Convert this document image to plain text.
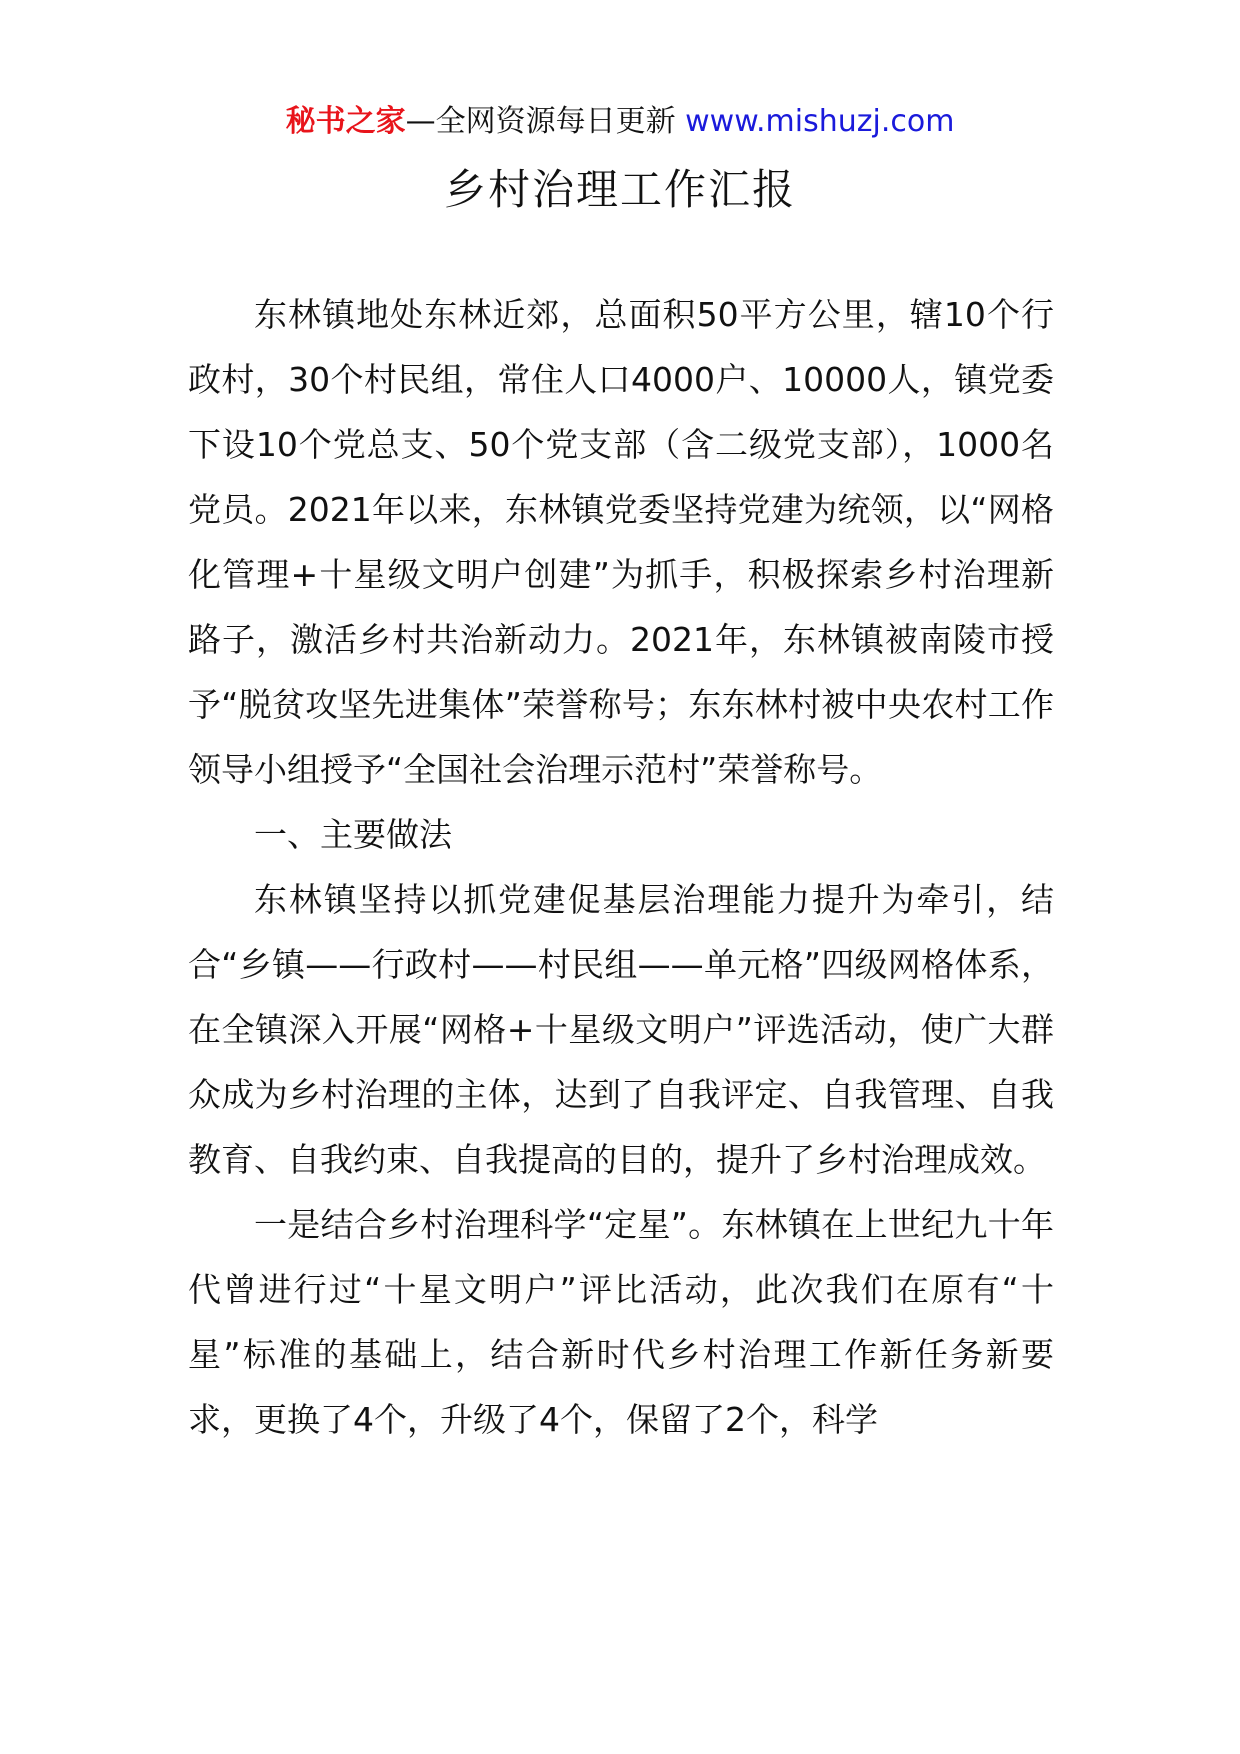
秘书之家—全网资源每日更新 www.mishuzj.com
乡村治理工作汇报

东林镇地处东林近郊，总面积50平方公里，辖10个行政村，30个村民组，常住人口4000户、10000人，镇党委下设10个党总支、50个党支部（含二级党支部），1000名党员。2021年以来，东林镇党委坚持党建为统领，以“网格化管理+十星级文明户创建”为抓手，积极探索乡村治理新路子，激活乡村共治新动力。2021年，东林镇被南陵市授予“脱贫攻坚先进集体”荣誉称号；东东林村被中央农村工作领导小组授予“全国社会治理示范村”荣誉称号。

一、主要做法

东林镇坚持以抓党建促基层治理能力提升为牵引，结合“乡镇——行政村——村民组——单元格”四级网格体系，在全镇深入开展“网格+十星级文明户”评选活动，使广大群众成为乡村治理的主体，达到了自我评定、自我管理、自我教育、自我约束、自我提高的目的，提升了乡村治理成效。

一是结合乡村治理科学“定星”。东林镇在上世纪九十年代曾进行过“十星文明户”评比活动，此次我们在原有“十星”标准的基础上，结合新时代乡村治理工作新任务新要求，更换了4个，升级了4个，保留了2个，科学
